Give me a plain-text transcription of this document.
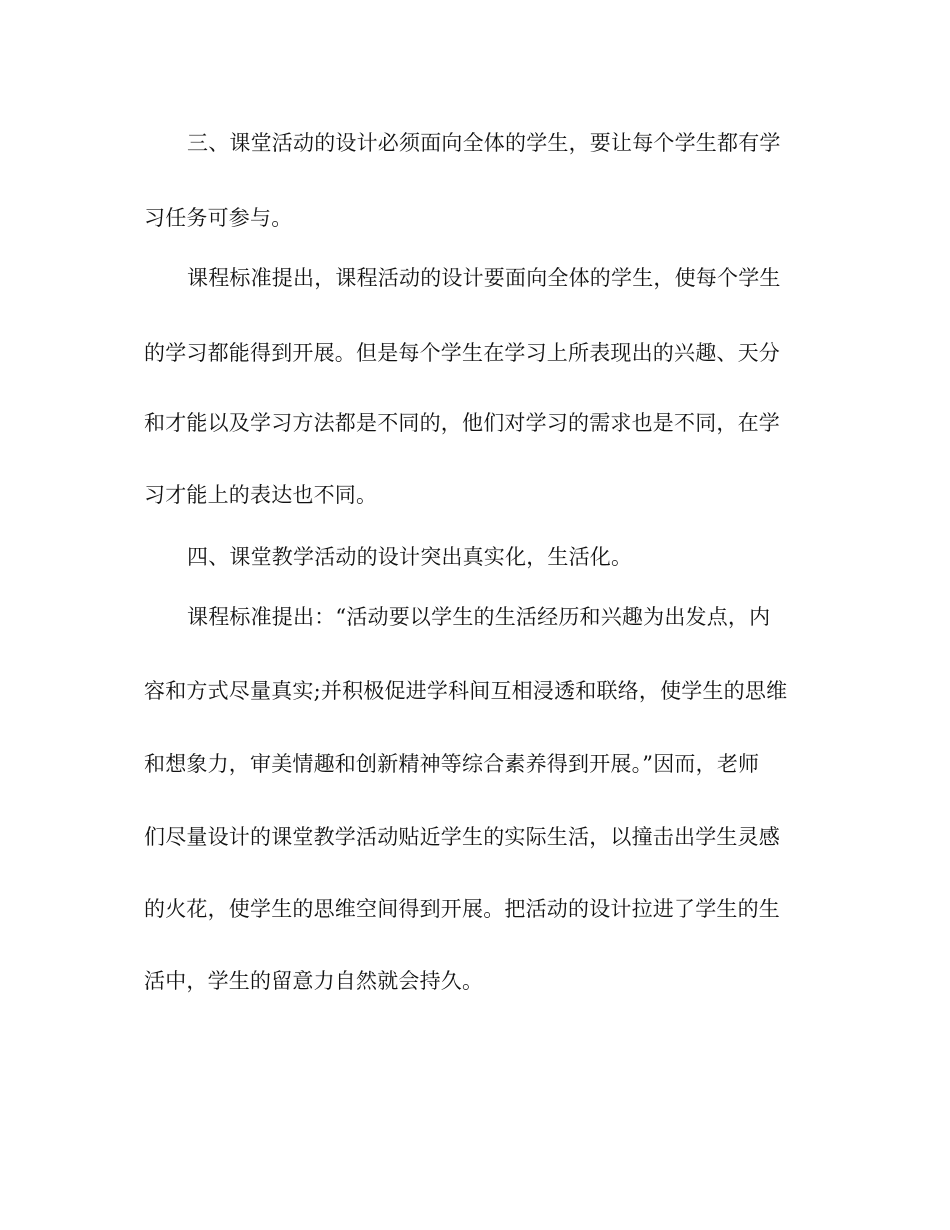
三、课堂活动的设计必须面向全体的学生，要让每个学生都有学
习任务可参与。
课程标准提出，课程活动的设计要面向全体的学生，使每个学生
的学习都能得到开展。但是每个学生在学习上所表现出的兴趣、天分
和才能以及学习方法都是不同的，他们对学习的需求也是不同，在学
习才能上的表达也不同。
四、课堂教学活动的设计突出真实化，生活化。
课程标准提出：“活动要以学生的生活经历和兴趣为出发点，内
容和方式尽量真实;并积极促进学科间互相浸透和联络，使学生的思维
和想象力，审美情趣和创新精神等综合素养得到开展。”因而，老师
们尽量设计的课堂教学活动贴近学生的实际生活，以撞击出学生灵感
的火花，使学生的思维空间得到开展。把活动的设计拉进了学生的生
活中，学生的留意力自然就会持久。
